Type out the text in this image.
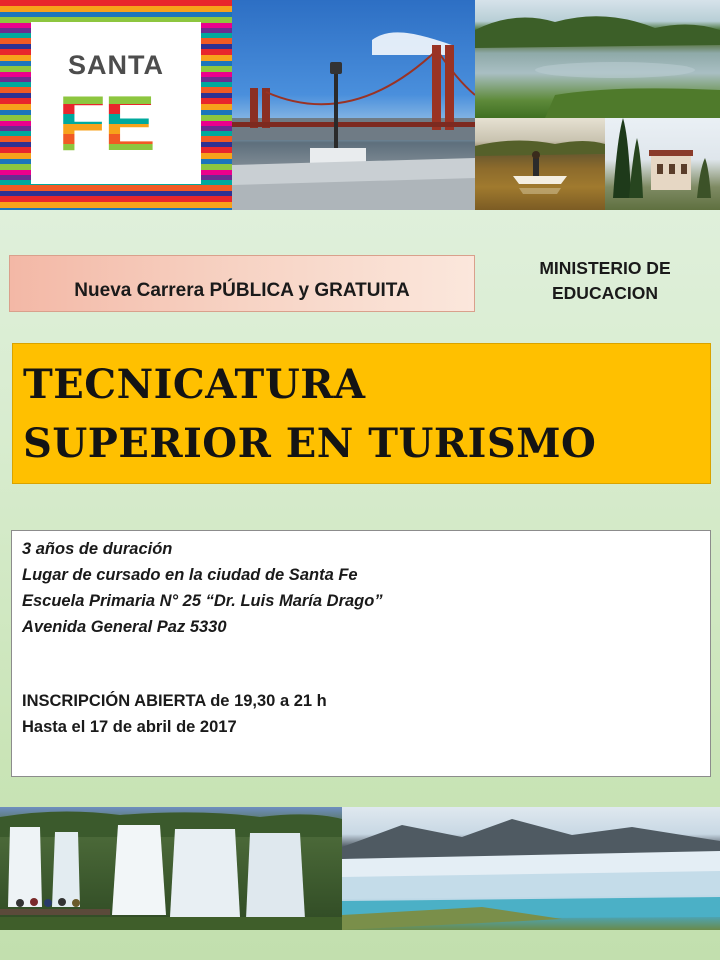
SANTA
FE
Nueva Carrera PÚBLICA y GRATUITA
MINISTERIO DE
EDUCACION
TECNICATURA
SUPERIOR EN TURISMO
3 años de duración
Lugar de cursado en la ciudad de Santa Fe
Escuela Primaria N° 25 “Dr. Luis María Drago”
Avenida General Paz 5330
INSCRIPCIÓN ABIERTA de 19,30 a 21 h
Hasta el 17 de abril de 2017
